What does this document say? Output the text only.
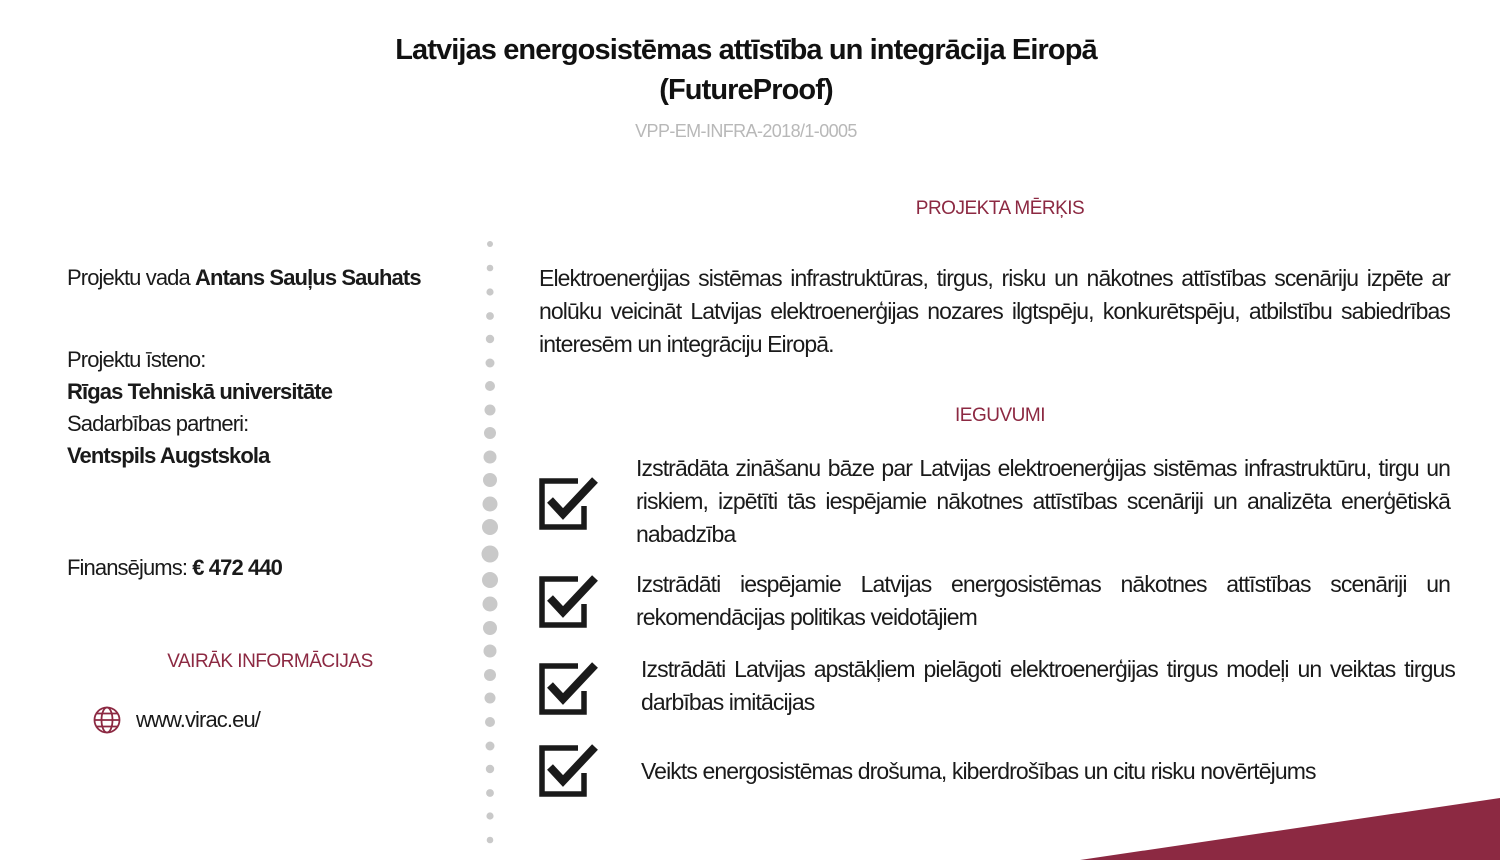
Latvijas energosistēmas attīstība un integrācija Eiropā
(FutureProof)
VPP-EM-INFRA-2018/1-0005
Projektu vada Antans Sauļus Sauhats
Projektu īsteno:
Rīgas Tehniskā universitāte
Sadarbības partneri:
Ventspils Augstskola
Finansējums: € 472 440
VAIRĀK INFORMĀCIJAS
www.virac.eu/
PROJEKTA MĒRĶIS
Elektroenerģijas sistēmas infrastruktūras, tirgus, risku un nākotnes attīstības scenāriju izpēte ar nolūku veicināt Latvijas elektroenerģijas nozares ilgtspēju, konkurētspēju, atbilstību sabiedrības interesēm un integrāciju Eiropā.
IEGUVUMI
Izstrādāta zināšanu bāze par Latvijas elektroenerģijas sistēmas infrastruktūru, tirgu un riskiem, izpētīti tās iespējamie nākotnes attīstības scenāriji un analizēta enerģētiskā nabadzība
Izstrādāti iespējamie Latvijas energosistēmas nākotnes attīstības scenāriji un rekomendācijas politikas veidotājiem
Izstrādāti Latvijas apstākļiem pielāgoti elektroenerģijas tirgus modeļi un veiktas tirgus darbības imitācijas
Veikts energosistēmas drošuma, kiberdrošības un citu risku novērtējums
